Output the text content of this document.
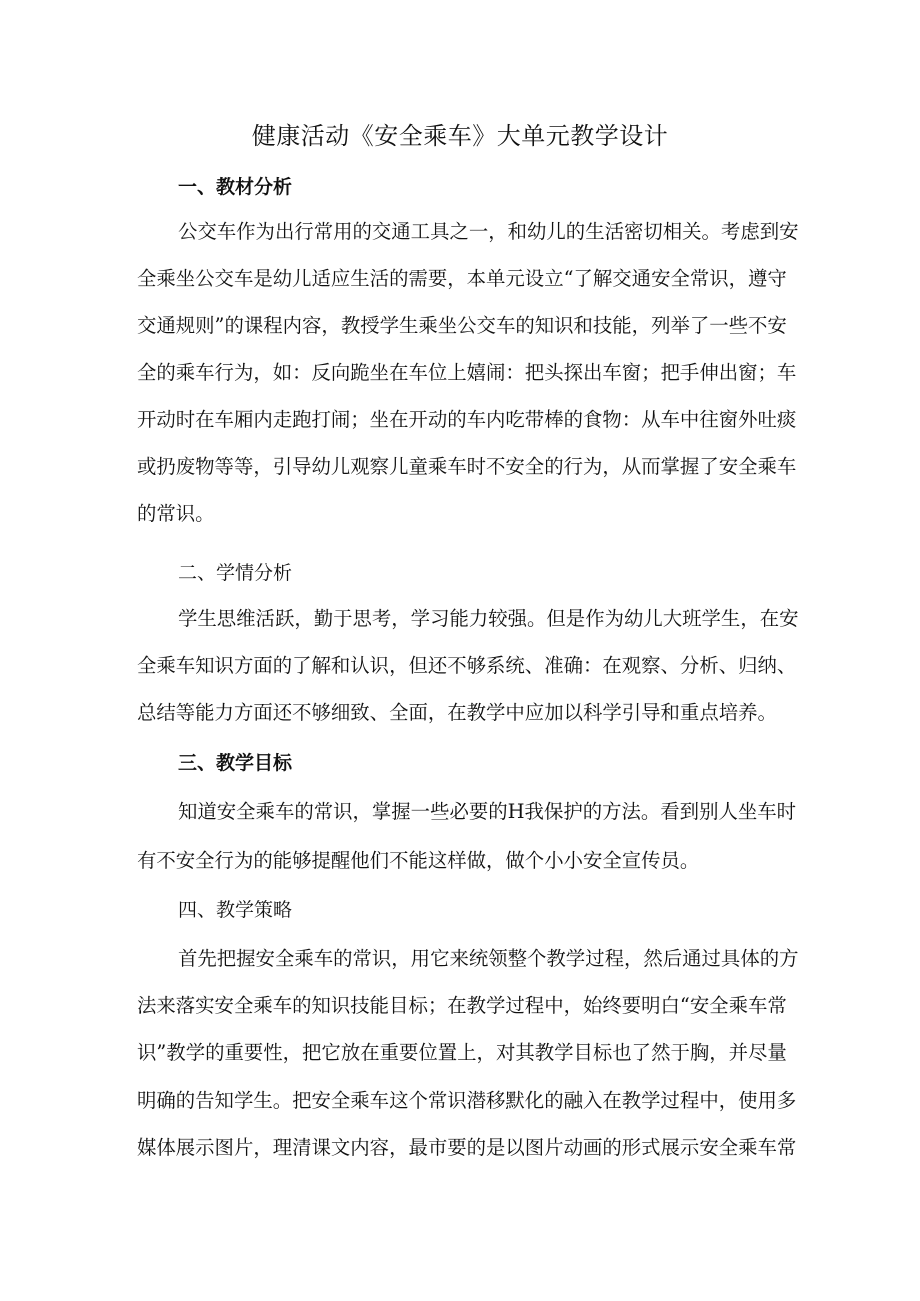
健康活动《安全乘车》大单元教学设计
一、教材分析
公交车作为出行常用的交通工具之一，和幼儿的生活密切相关。考虑到安
全乘坐公交车是幼儿适应生活的需要，本单元设立“了解交通安全常识，遵守
交通规则”的课程内容，教授学生乘坐公交车的知识和技能，列举了一些不安
全的乘车行为，如：反向跪坐在车位上嬉闹：把头探出车窗；把手伸出窗；车
开动时在车厢内走跑打闹；坐在开动的车内吃带棒的食物：从车中往窗外吐痰
或扔废物等等，引导幼儿观察儿童乘车时不安全的行为，从而掌握了安全乘车
的常识。
二、学情分析
学生思维活跃，勤于思考，学习能力较强。但是作为幼儿大班学生，在安
全乘车知识方面的了解和认识，但还不够系统、准确：在观察、分析、归纳、
总结等能力方面还不够细致、全面，在教学中应加以科学引导和重点培养。
三、教学目标
知道安全乘车的常识，掌握一些必要的H我保护的方法。看到别人坐车时
有不安全行为的能够提醒他们不能这样做，做个小小安全宣传员。
四、教学策略
首先把握安全乘车的常识，用它来统领整个教学过程，然后通过具体的方
法来落实安全乘车的知识技能目标；在教学过程中，始终要明白“安全乘车常
识”教学的重要性，把它放在重要位置上，对其教学目标也了然于胸，并尽量
明确的告知学生。把安全乘车这个常识潜移默化的融入在教学过程中，使用多
媒体展示图片，理清课文内容，最市要的是以图片动画的形式展示安全乘车常
